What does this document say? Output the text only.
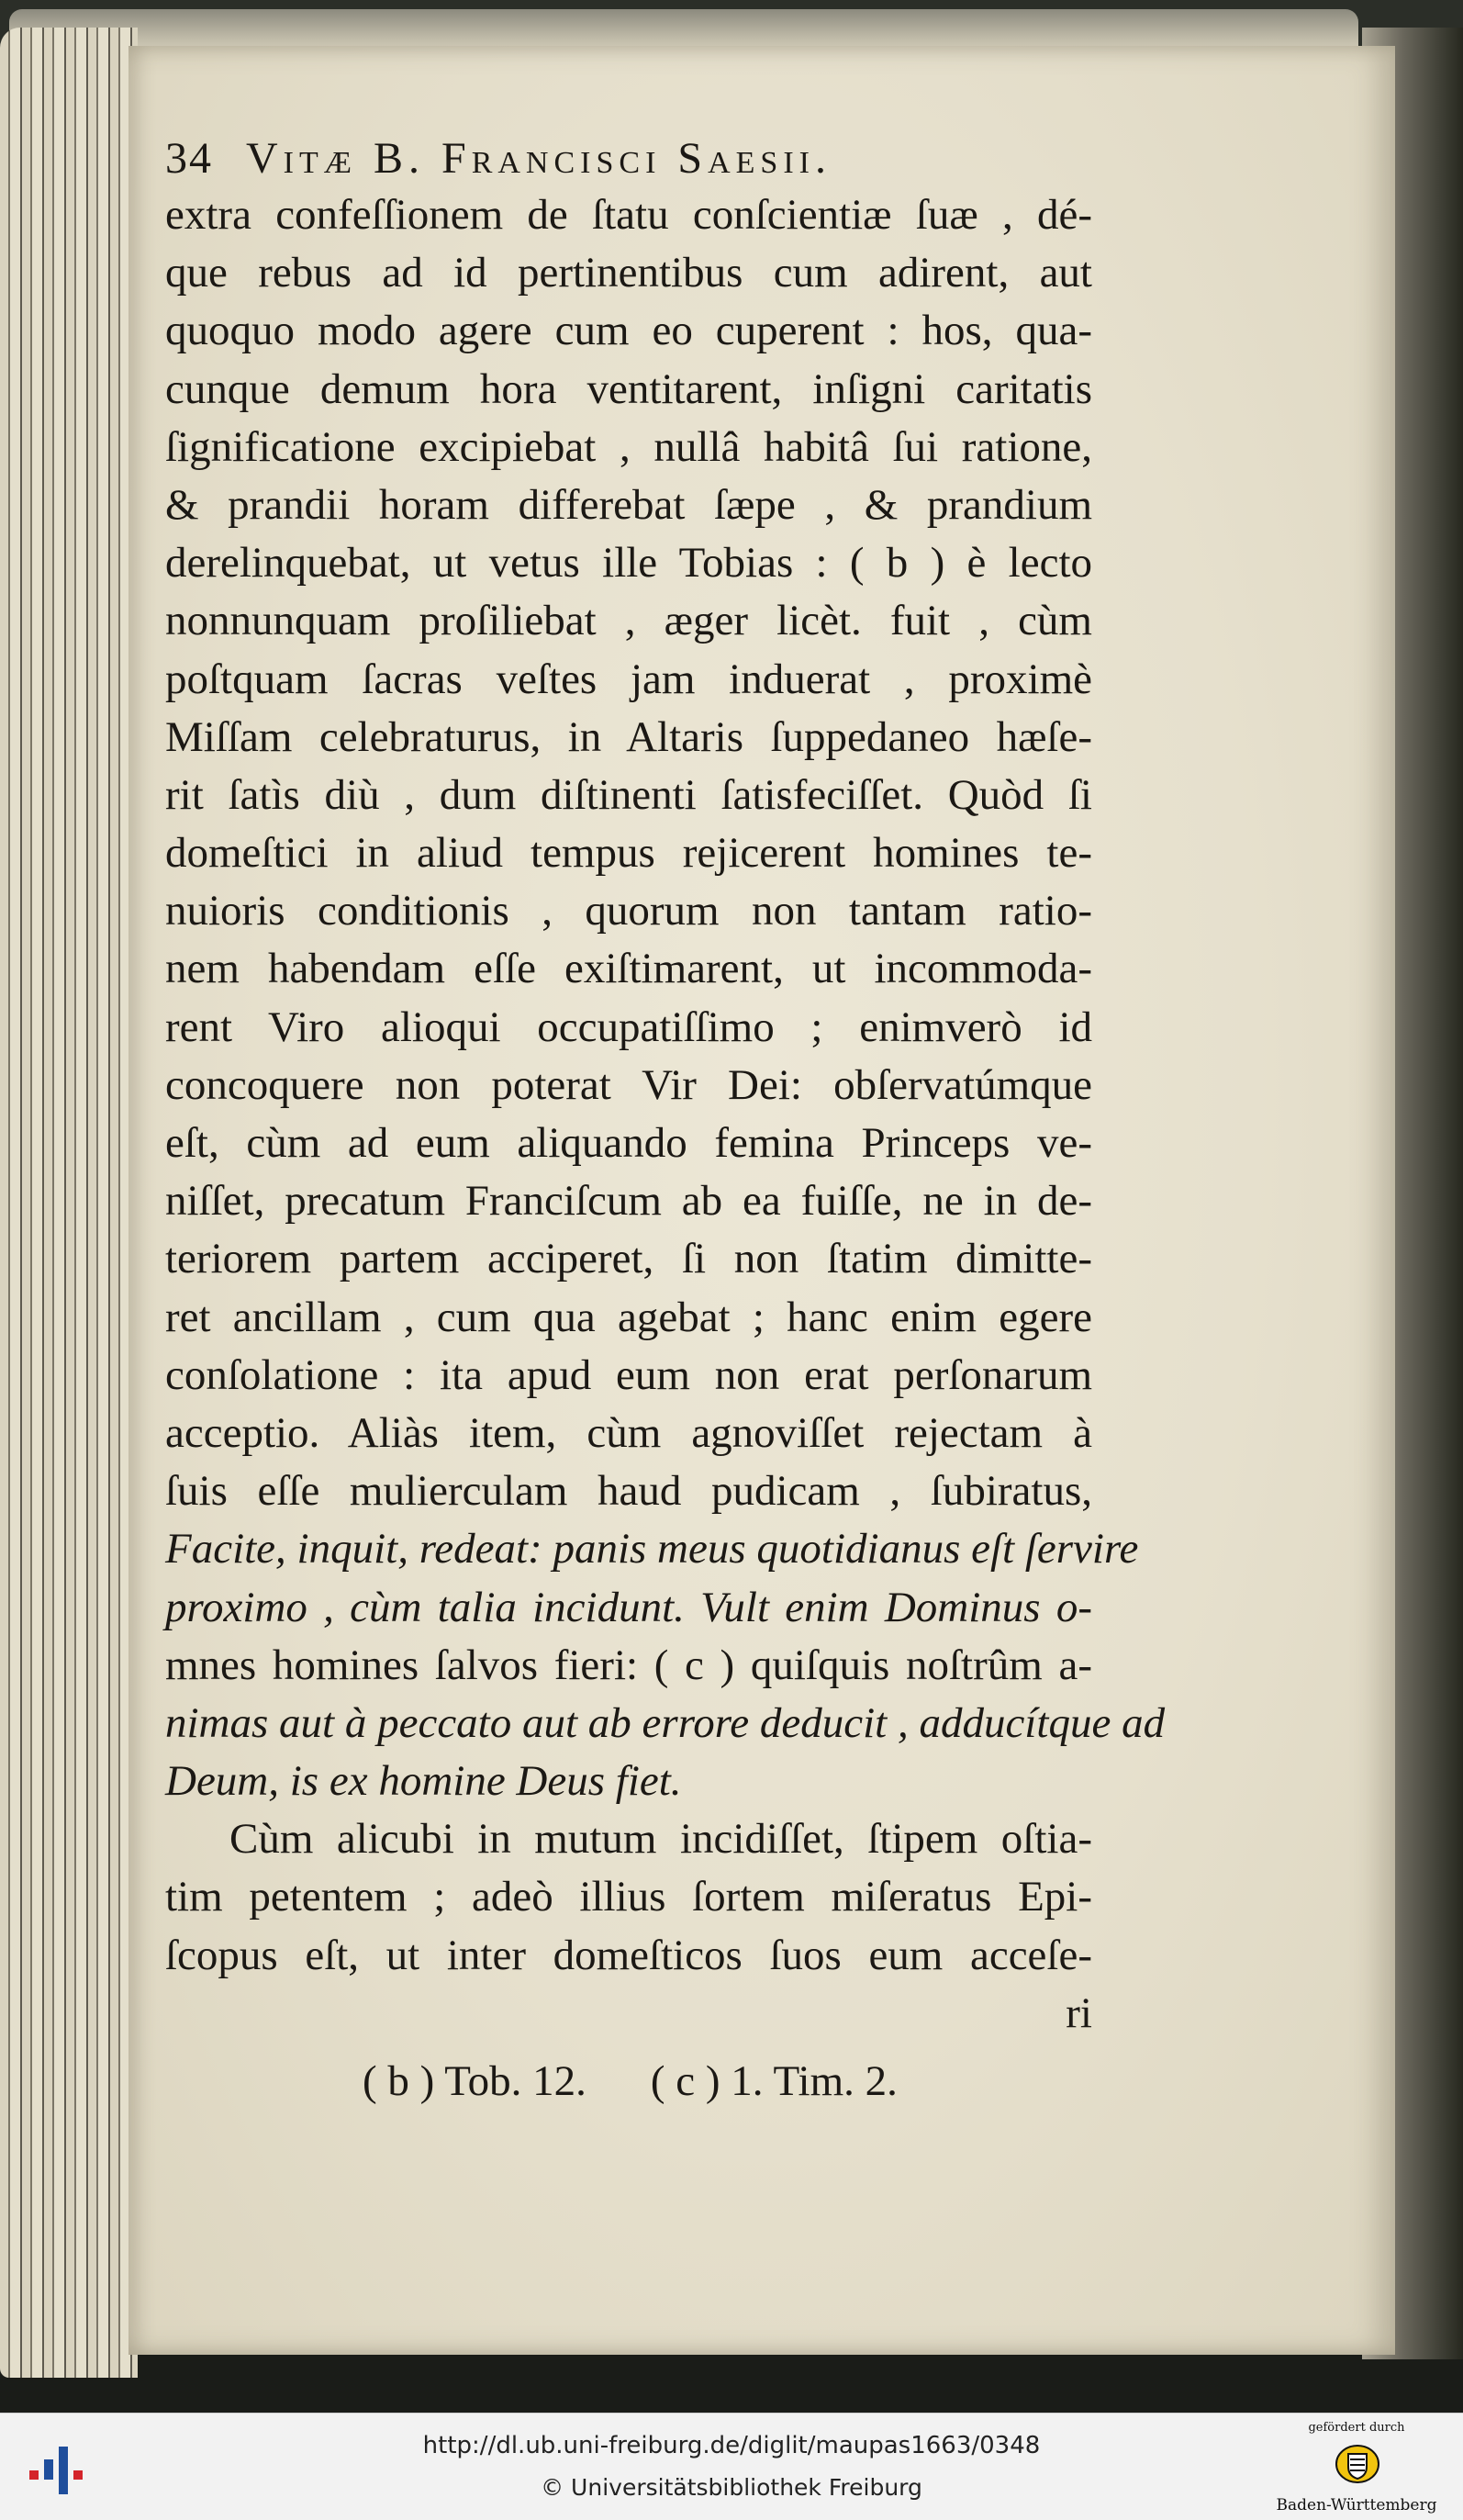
34 Vitæ B. Francisci Saesii.
extra confeſſionem de ſtatu conſcientiæ ſuæ , dé-
que rebus ad id pertinentibus cum adirent, aut
quoquo modo agere cum eo cuperent : hos, qua-
cunque demum hora ventitarent, inſigni caritatis
ſignificatione excipiebat , nullâ habitâ ſui ratione,
& prandii horam differebat ſæpe , & prandium
derelinquebat, ut vetus ille Tobias : ( b ) è lecto
nonnunquam proſiliebat , æger licèt. fuit , cùm
poſtquam ſacras veſtes jam induerat , proximè
Miſſam celebraturus, in Altaris ſuppedaneo hæſe-
rit ſatìs diù , dum diſtinenti ſatisfeciſſet. Quòd ſi
domeſtici in aliud tempus rejicerent homines te-
nuioris conditionis , quorum non tantam ratio-
nem habendam eſſe exiſtimarent, ut incommoda-
rent Viro alioqui occupatiſſimo ; enimverò id
concoquere non poterat Vir Dei: obſervatúmque
eſt, cùm ad eum aliquando femina Princeps ve-
niſſet, precatum Franciſcum ab ea fuiſſe, ne in de-
teriorem partem acciperet, ſi non ſtatim dimitte-
ret ancillam , cum qua agebat ; hanc enim egere
conſolatione : ita apud eum non erat perſonarum
acceptio. Aliàs item, cùm agnoviſſet rejectam à
ſuis eſſe mulierculam haud pudicam , ſubiratus,
Facite, inquit, redeat: panis meus quotidianus eſt ſervire
proximo , cùm talia incidunt. Vult enim Dominus o-
mnes homines ſalvos fieri: ( c ) quiſquis noſtrûm a-
nimas aut à peccato aut ab errore deducit , adducítque ad
Deum, is ex homine Deus fiet.
Cùm alicubi in mutum incidiſſet, ſtipem oſtia-
tim petentem ; adeò illius ſortem miſeratus Epi-
ſcopus eſt, ut inter domeſticos ſuos eum acceſe-
ri
( b ) Tob. 12. ( c ) 1. Tim. 2.
http://dl.ub.uni-freiburg.de/diglit/maupas1663/0348
© Universitätsbibliothek Freiburg
gefördert durch
Baden-Württemberg
